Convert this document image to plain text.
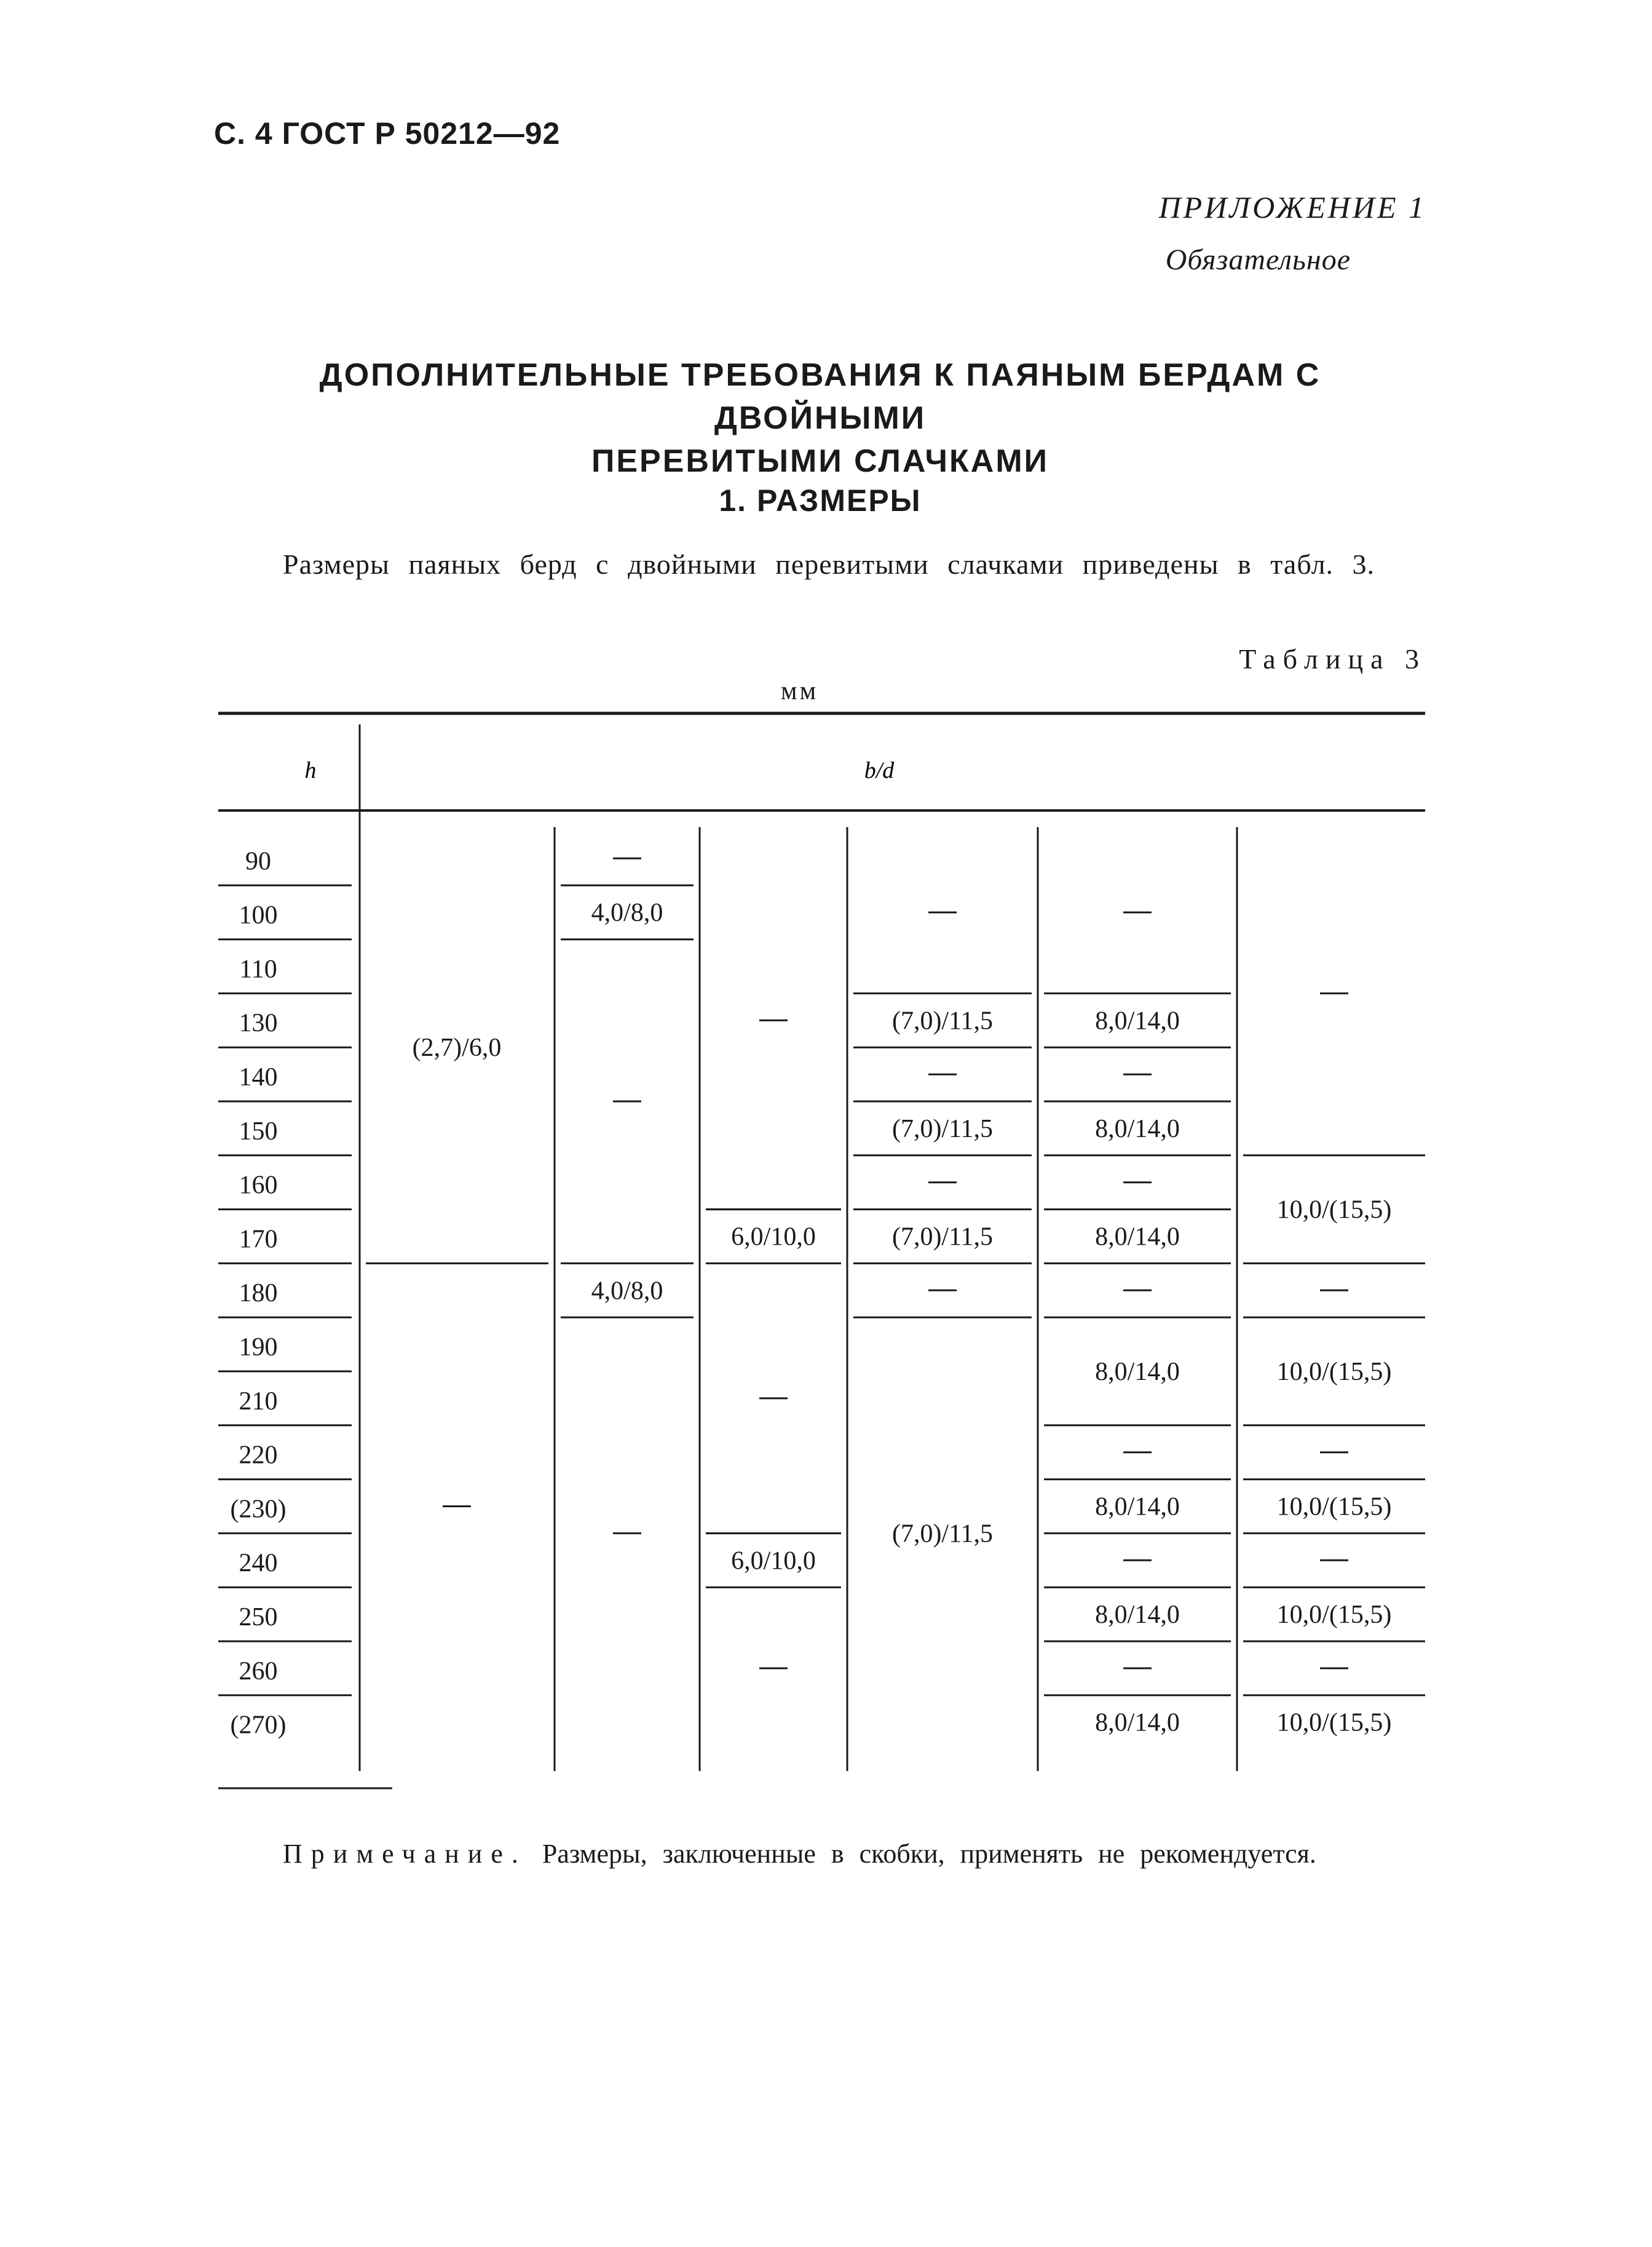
С. 4 ГОСТ Р 50212—92
ПРИЛОЖЕНИЕ 1
Обязательное
ДОПОЛНИТЕЛЬНЫЕ ТРЕБОВАНИЯ К ПАЯНЫМ БЕРДАМ С ДВОЙНЫМИ
ПЕРЕВИТЫМИ СЛАЧКАМИ
1. РАЗМЕРЫ
Размеры паяных берд с двойными перевитыми слачками приведены в табл. 3.
Таблица 3
мм
h	b/d
90
100
110
130
140
150
160
170
180
190
210
220
(230)
240
250
260
(270)
(2,7)/6,0
4,0/8,0
4,0/8,0
6,0/10,0
6,0/10,0
(7,0)/11,5
(7,0)/11,5
(7,0)/11,5
(7,0)/11,5
8,0/14,0
8,0/14,0
8,0/14,0
8,0/14,0
8,0/14,0
8,0/14,0
8,0/14,0
10,0/(15,5)
10,0/(15,5)
10,0/(15,5)
10,0/(15,5)
10,0/(15,5)
Примечание. Размеры, заключенные в скобки, применять не рекомендуется.
